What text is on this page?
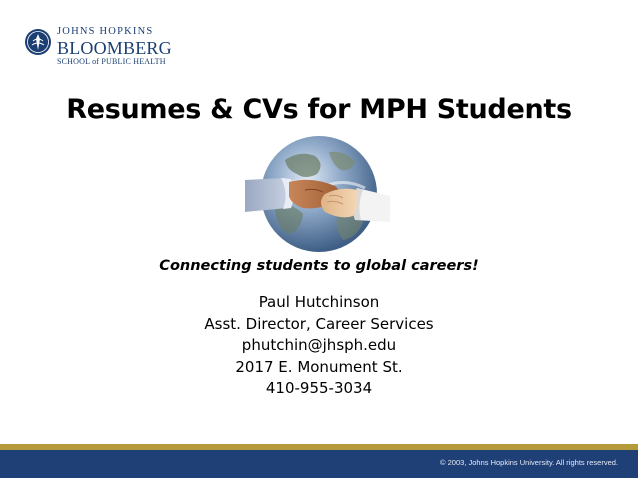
JOHNS HOPKINS
BLOOMBERG
SCHOOL of PUBLIC HEALTH
Resumes & CVs for MPH Students
Connecting students to global careers!
Paul Hutchinson
Asst. Director, Career Services
phutchin@jhsph.edu
2017 E. Monument St.
410-955-3034
© 2003, Johns Hopkins University. All rights reserved.
